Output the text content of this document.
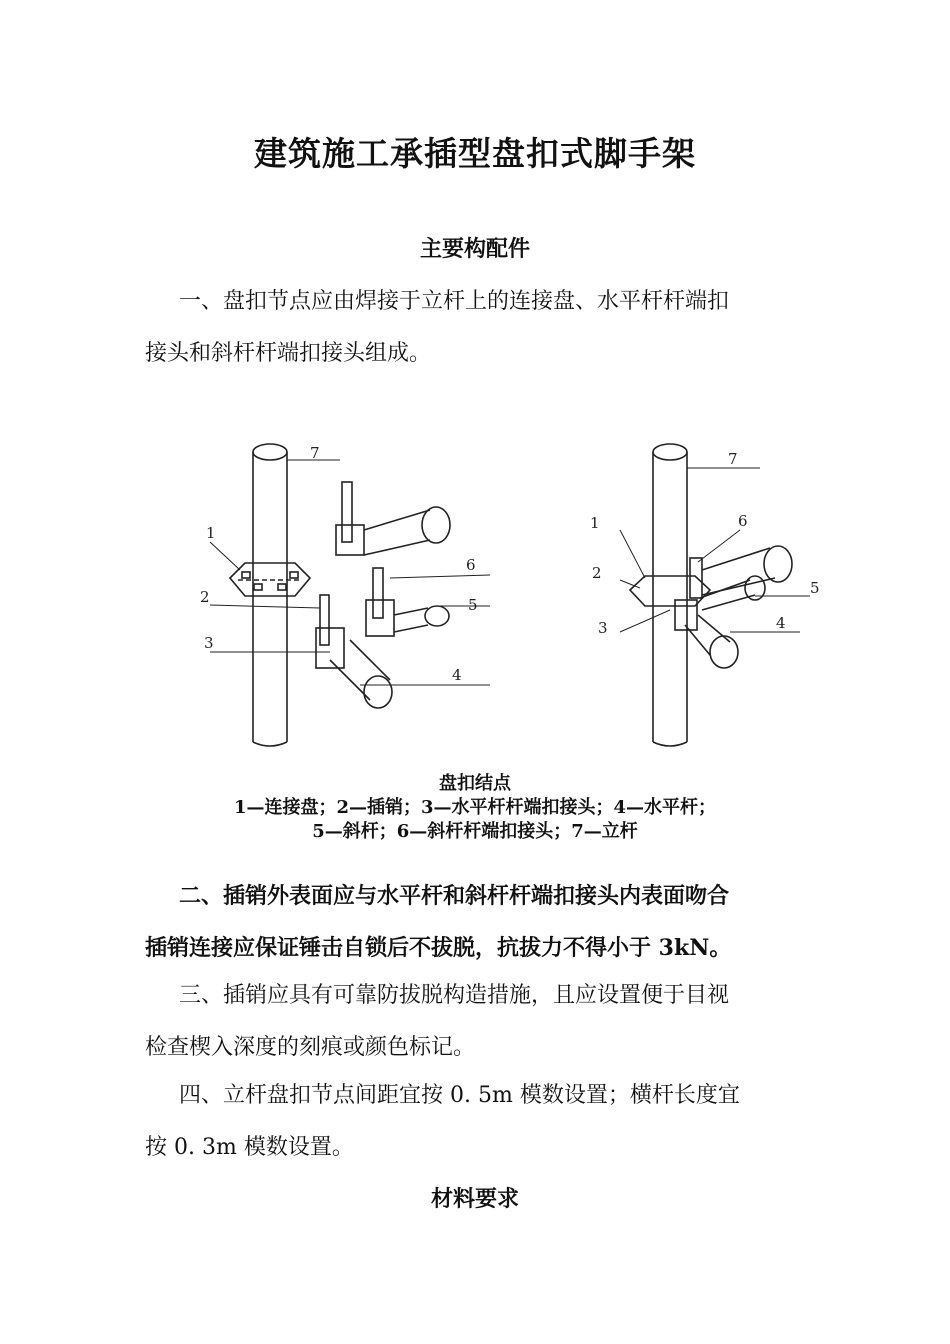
建筑施工承插型盘扣式脚手架
主要构配件
一、盘扣节点应由焊接于立杆上的连接盘、水平杆杆端扣
接头和斜杆杆端扣接头组成。
1
2
3
4
5
6
7
1
2
3	4
5
6
7
盘扣结点
1—连接盘；2—插销；3—水平杆杆端扣接头；4—水平杆；
5—斜杆；6—斜杆杆端扣接头；7—立杆
二、插销外表面应与水平杆和斜杆杆端扣接头内表面吻合
插销连接应保证锤击自锁后不拔脱，抗拔力不得小于 3kN。
三、插销应具有可靠防拔脱构造措施，且应设置便于目视
检查楔入深度的刻痕或颜色标记。
四、立杆盘扣节点间距宜按 0. 5m 模数设置；横杆长度宜
按 0. 3m 模数设置。
材料要求
